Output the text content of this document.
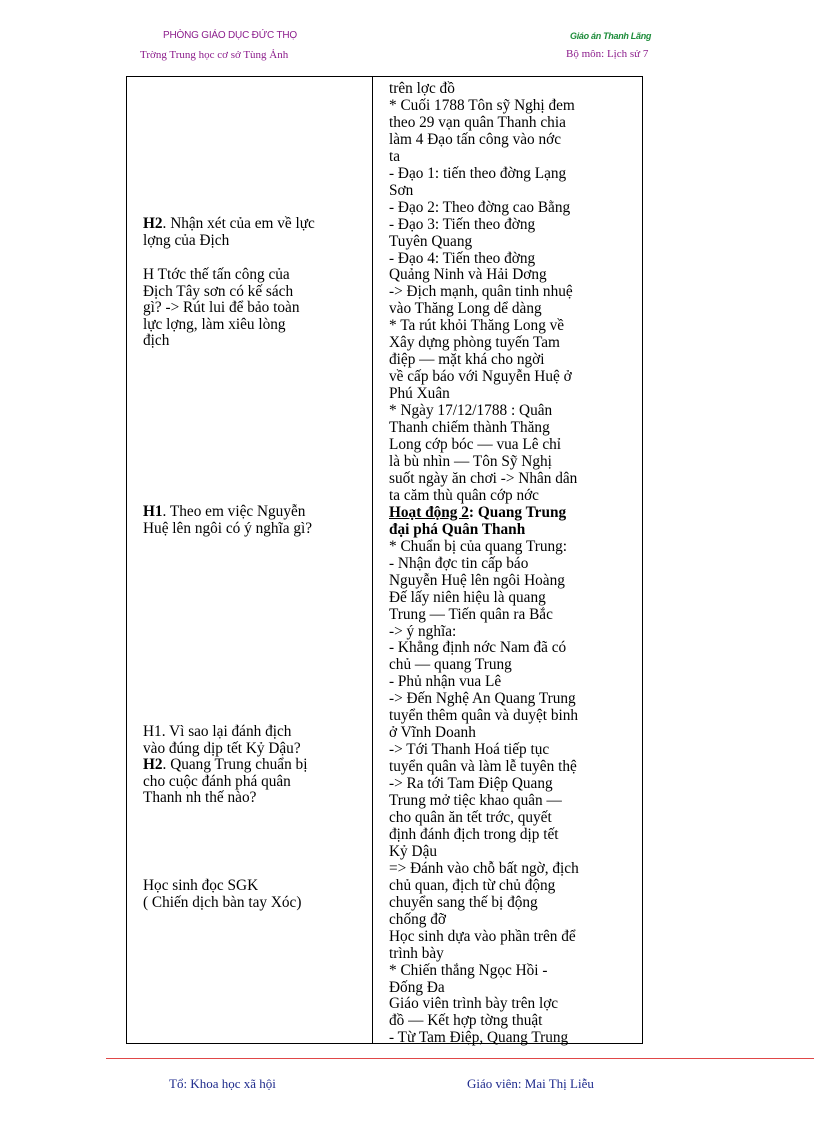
PHÒNG GIÁO DỤC ĐỨC THỌ
Trờng Trung học cơ sở Tùng Ảnh
Giáo án Thanh Lãng
Bộ môn: Lịch sử 7
H2. Nhận xét của em về lực
lợng của Địch
H Ttớc thế tấn công của
Địch Tây sơn có kế sách
gì? -> Rút lui để bảo toàn
lực lợng, làm xiêu lòng
địch
H1. Theo em việc Nguyễn
Huệ lên ngôi có ý nghĩa gì?
H1. Vì sao lại đánh địch
vào đúng dịp tết Kỷ Dậu?
H2. Quang Trung chuẩn bị
cho cuộc đánh phá quân
Thanh nh thế nào?
Học sinh đọc SGK
( Chiến dịch bàn tay Xóc)
trên lợc đồ
* Cuối 1788 Tôn sỹ Nghị đem
theo 29 vạn quân Thanh chia
làm 4 Đạo tấn công vào nớc
ta
- Đạo 1: tiến theo đờng Lạng
Sơn
- Đạo 2: Theo đờng cao Bằng
- Đạo 3: Tiến theo đờng
Tuyên Quang
- Đạo 4: Tiến theo đờng
Quảng Ninh và Hải Dơng
-> Địch mạnh, quân tinh nhuệ
vào Thăng Long dể dàng
* Ta rút khỏi Thăng Long về
Xây dựng phòng tuyến Tam
điệp — mặt khá cho ngời
về cấp báo với Nguyễn Huệ ở
Phú Xuân
* Ngày 17/12/1788 : Quân
Thanh chiếm thành Thăng
Long cớp bóc — vua Lê chỉ
là bù nhìn — Tôn Sỹ Nghị
suốt ngày ăn chơi -> Nhân dân
ta căm thù quân cớp nớc
Hoạt động 2: Quang Trung
đại phá Quân Thanh
* Chuẩn bị của quang Trung:
- Nhận đợc tin cấp báo
Nguyễn Huệ lên ngôi Hoàng
Đế lấy niên hiệu là quang
Trung — Tiến quân ra Bắc
-> ý nghĩa:
- Khẳng định nớc Nam đã có
chủ — quang Trung
- Phủ nhận vua Lê
-> Đến Nghệ An Quang Trung
tuyển thêm quân và duyệt binh
ở Vĩnh Doanh
-> Tới Thanh Hoá tiếp tục
tuyển quân và làm lễ tuyên thệ
-> Ra tới Tam Điệp Quang
Trung mở tiệc khao quân —
cho quân ăn tết trớc, quyết
định đánh địch trong dịp tết
Kỷ Dậu
=> Đánh vào chỗ bất ngờ, địch
chủ quan, địch từ chủ động
chuyển sang thế bị động
chống đỡ
Học sinh dựa vào phần trên để
trình bày
* Chiến thắng Ngọc Hồi -
Đống Đa
Giáo viên trình bày trên lợc
đồ — Kết hợp tờng thuật
- Từ Tam Điệp, Quang Trung
Tổ: Khoa học xã hội	Giáo viên: Mai Thị Liễu
